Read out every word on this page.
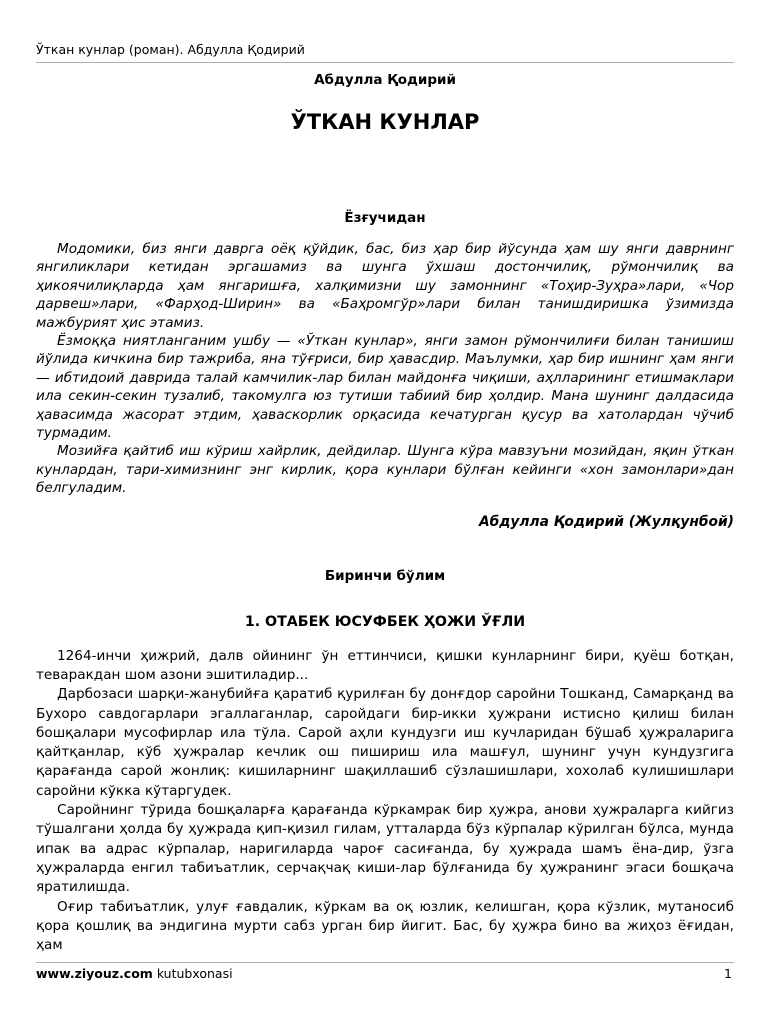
Ўткан кунлар (роман). Абдулла Қодирий
Абдулла Қодирий
ЎТКАН КУНЛАР
Ёзғучидан

Модомики, биз янги даврга оёқ қўйдик, бас, биз ҳар бир йўсунда ҳам шу янги даврнинг янгиликлари кетидан эргашамиз ва шунга ўхшаш достончилиқ, рўмончилиқ ва ҳикоячилиқларда ҳам янгаришға, халқимизни шу замоннинг «Тоҳир-Зуҳра»лари, «Чор дарвеш»лари, «Фарҳод-Ширин» ва «Баҳромгўр»лари билан танишдиришка ўзимизда мажбурият ҳис этамиз.

Ёзмоққа ниятланганим ушбу — «Ўткан кунлар», янги замон рўмончилиғи билан танишиш йўлида кичкина бир тажриба, яна тўғриси, бир ҳавасдир. Маълумки, ҳар бир ишнинг ҳам янги — ибтидоий даврида талай камчилик-лар билан майдонға чиқиши, аҳлларининг етишмаклари ила секин-секин тузалиб, такомулга юз тутиши табиий бир ҳолдир. Мана шунинг далдасида ҳавасимда жасорат этдим, ҳаваскорлик орқасида кечатурган қусур ва хатолардан чўчиб турмадим.

Мозийға қайтиб иш кўриш хайрлик, дейдилар. Шунга кўра мавзуъни мозийдан, яқин ўткан кунлардан, тари-химизнинг энг кирлик, қора кунлари бўлған кейинги «хон замонлари»дан белгуладим.

Абдулла Қодирий (Жулқунбой)
Биринчи бўлим
1. ОТАБЕК ЮСУФБЕК ҲОЖИ ЎҒЛИ

1264-инчи ҳижрий, далв ойининг ўн еттинчиси, қишки кунларнинг бири, қуёш ботқан, теваракдан шом азони эшитиладир...

Дарбозаси шарқи-жанубийға қаратиб қурилған бу донғдор саройни Тошканд, Самарқанд ва Бухоро савдогарлари эгаллаганлар, саройдаги бир-икки ҳужрани истисно қилиш билан бошқалари мусофирлар ила тўла. Сарой аҳли кундузги иш кучларидан бўшаб ҳужраларига қайтқанлар, кўб ҳужралар кечлик ош пишириш ила машғул, шунинг учун кундузгига қарағанда сарой жонлиқ: кишиларнинг шақиллашиб сўзлашишлари, хохолаб кулишишлари саройни кўкка кўтаргудек.

Саройнинг тўрида бошқаларға қарағанда кўркамрак бир ҳужра, анови ҳужраларга кийгиз тўшалгани ҳолда бу ҳужрада қип-қизил гилам, утталарда бўз кўрпалар кўрилган бўлса, мунда ипак ва адрас кўрпалар, наригиларда чароғ сасиғанда, бу ҳужрада шамъ ёна-дир, ўзга ҳужраларда енгил табиъатлик, серчақчақ киши-лар бўлғанида бу ҳужранинг эгаси бошқача яратилишда.

Оғир табиъатлик, улуғ ғавдалик, кўркам ва оқ юзлик, келишган, қора кўзлик, мутаносиб қора қошлиқ ва эндигина мурти сабз урган бир йигит. Бас, бу ҳужра бино ва жиҳоз ёғидан, ҳам

www.ziyouz.com kutubxonasi	1
